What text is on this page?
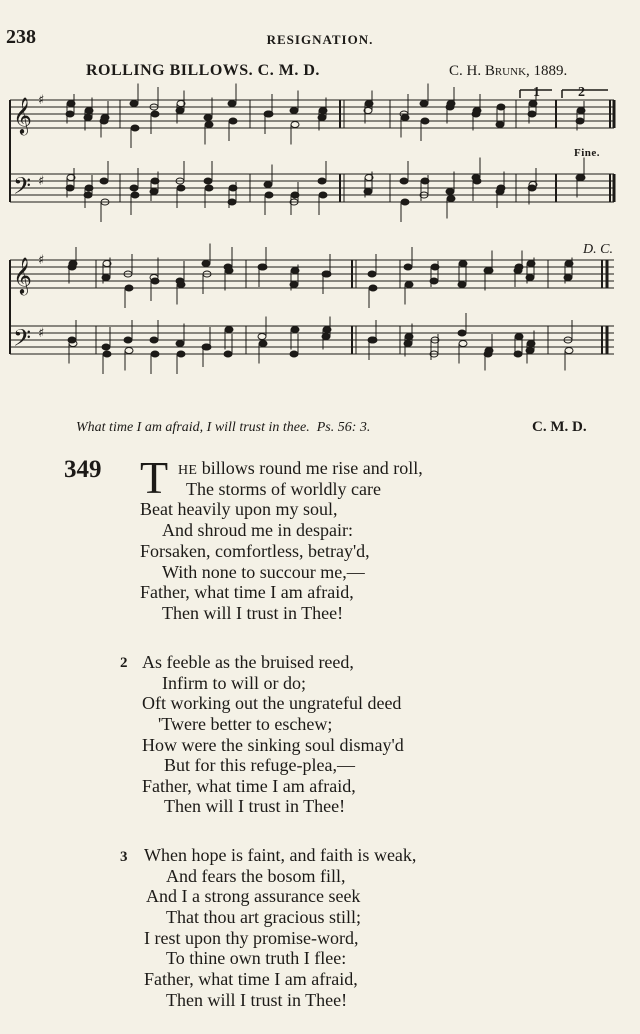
238	RESIGNATION.
ROLLING BILLOWS. C. M. D.	C. H. Brunk, 1889.
𝄞
𝄢
𝄞
𝄢
♯
♯
♯
♯
1	2
Fine.
D. C.
What time I am afraid, I will trust in thee. Ps. 56: 3.	C. M. D.
349 T HE billows round me rise and roll,
The storms of worldly care
Beat heavily upon my soul,
And shroud me in despair:
Forsaken, comfortless, betray'd,
With none to succour me,—
Father, what time I am afraid,
Then will I trust in Thee!
2 As feeble as the bruised reed,
Infirm to will or do;
Oft working out the ungrateful deed
'Twere better to eschew;
How were the sinking soul dismay'd
But for this refuge-plea,—
Father, what time I am afraid,
Then will I trust in Thee!
3 When hope is faint, and faith is weak,
And fears the bosom fill,
And I a strong assurance seek
That thou art gracious still;
I rest upon thy promise-word,
To thine own truth I flee:
Father, what time I am afraid,
Then will I trust in Thee!
